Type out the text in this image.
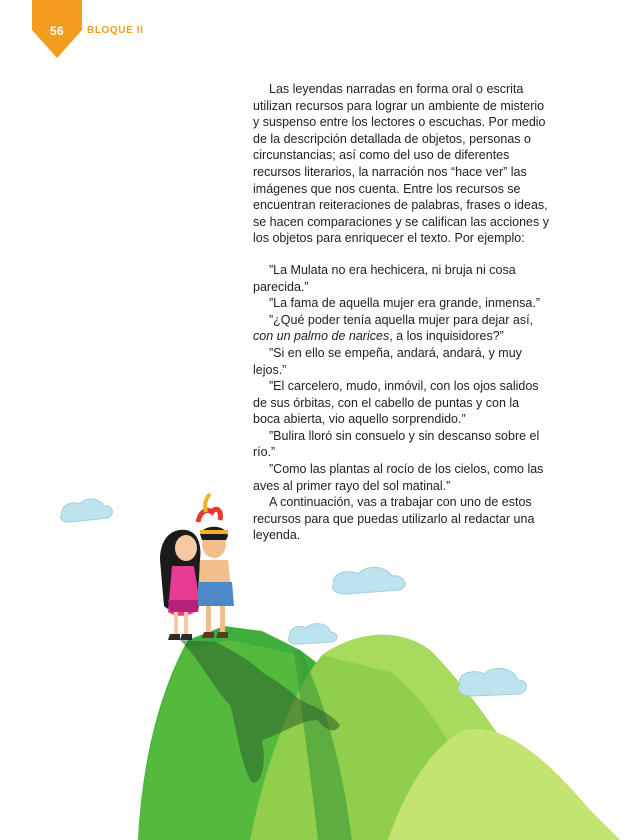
56	BLOQUE II

Las leyendas narradas en forma oral o escrita utilizan recursos para lograr un ambiente de misterio y suspenso entre los lectores o escuchas. Por medio de la descripción detallada de objetos, personas o circunstancias; así como del uso de diferentes recursos literarios, la narración nos “hace ver” las imágenes que nos cuenta. Entre los recursos se encuentran reiteraciones de palabras, frases o ideas, se hacen comparaciones y se califican las acciones y los objetos para enriquecer el texto. Por ejemplo:

”La Mulata no era hechicera, ni bruja ni cosa parecida.”

”La fama de aquella mujer era grande, inmensa.”

”¿Qué poder tenía aquella mujer para dejar así, con un palmo de narices, a los inquisidores?”

”Si en ello se empeña, andará, andará, y muy lejos.”

”El carcelero, mudo, inmóvil, con los ojos salidos de sus órbitas, con el cabello de puntas y con la boca abierta, vio aquello sorprendido.”

”Bulira lloró sin consuelo y sin descanso sobre el río.”

”Como las plantas al rocío de los cielos, como las aves al primer rayo del sol matinal.”

A continuación, vas a trabajar con uno de estos recursos para que puedas utilizarlo al redactar una leyenda.
